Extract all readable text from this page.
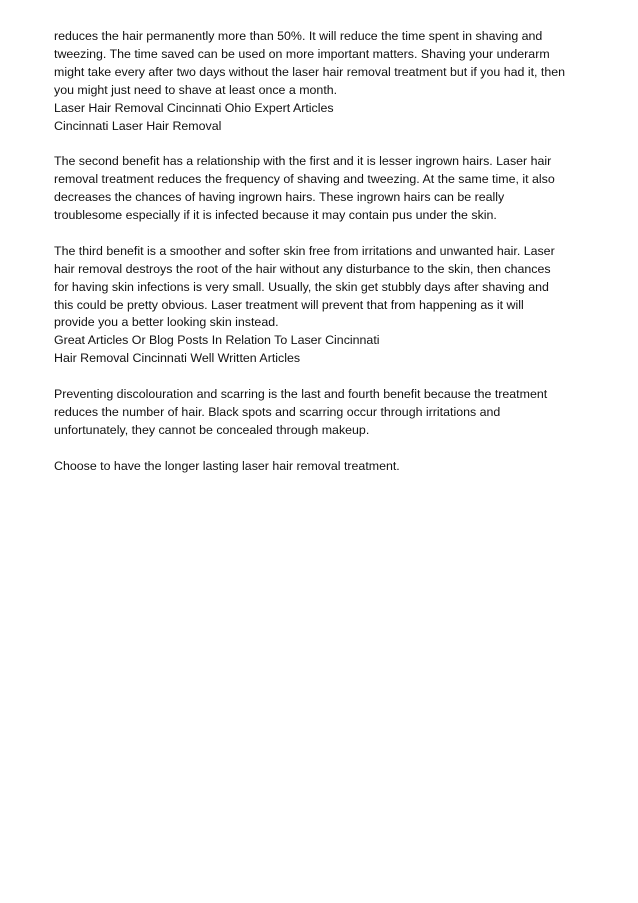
reduces the hair permanently more than 50%. It will reduce the time spent in shaving and
tweezing. The time saved can be used on more important matters. Shaving your underarm
might take every after two days without the laser hair removal treatment but if you had it, then
you might just need to shave at least once a month.
Laser Hair Removal Cincinnati Ohio Expert Articles
Cincinnati Laser Hair Removal

The second benefit has a relationship with the first and it is lesser ingrown hairs. Laser hair
removal treatment reduces the frequency of shaving and tweezing. At the same time, it also
decreases the chances of having ingrown hairs. These ingrown hairs can be really
troublesome especially if it is infected because it may contain pus under the skin.

The third benefit is a smoother and softer skin free from irritations and unwanted hair. Laser
hair removal destroys the root of the hair without any disturbance to the skin, then chances
for having skin infections is very small. Usually, the skin get stubbly days after shaving and
this could be pretty obvious. Laser treatment will prevent that from happening as it will
provide you a better looking skin instead.
Great Articles Or Blog Posts In Relation To Laser Cincinnati
Hair Removal Cincinnati Well Written Articles

Preventing discolouration and scarring is the last and fourth benefit because the treatment
reduces the number of hair. Black spots and scarring occur through irritations and
unfortunately, they cannot be concealed through makeup.

Choose to have the longer lasting laser hair removal treatment.
